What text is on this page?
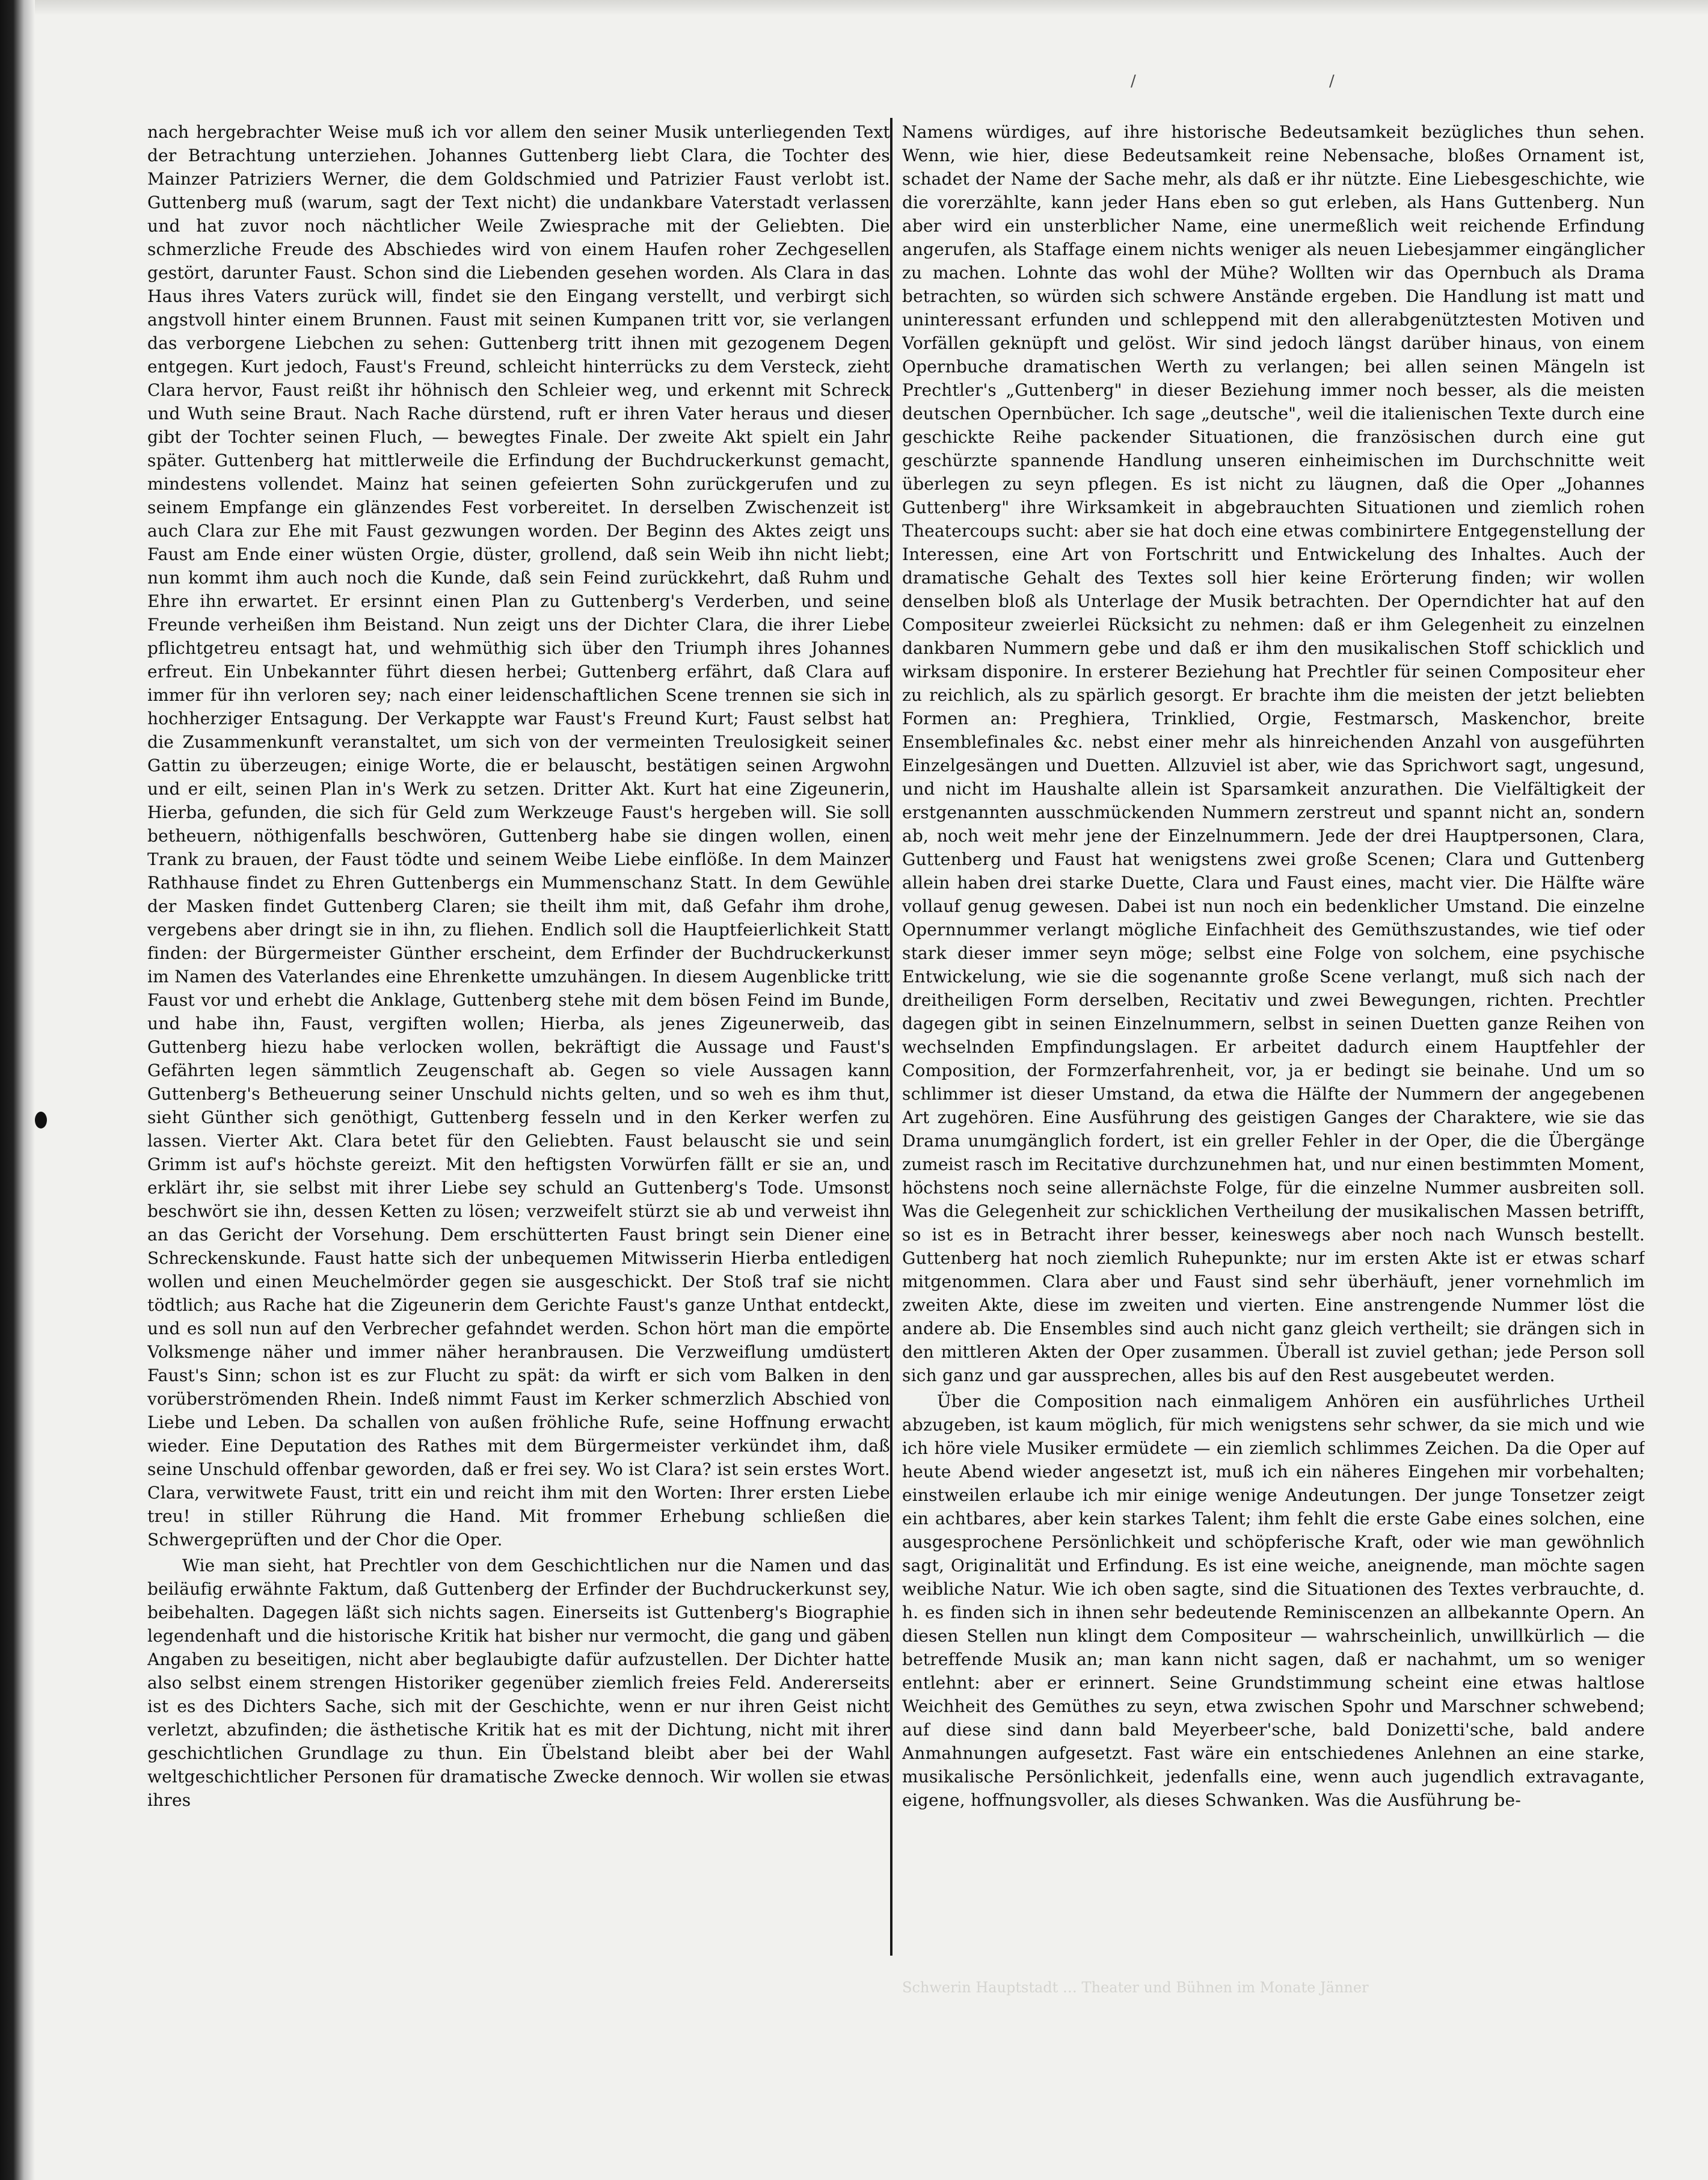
/	/

nach hergebrachter Weise muß ich vor allem den seiner Musik unterliegenden Text der Betrachtung unterziehen. Johannes Guttenberg liebt Clara, die Tochter des Mainzer Patriziers Werner, die dem Goldschmied und Patrizier Faust verlobt ist. Guttenberg muß (warum, sagt der Text nicht) die undankbare Vaterstadt verlassen und hat zuvor noch nächtlicher Weile Zwiesprache mit der Geliebten. Die schmerzliche Freude des Abschiedes wird von einem Haufen roher Zechgesellen gestört, darunter Faust. Schon sind die Liebenden gesehen worden. Als Clara in das Haus ihres Vaters zurück will, findet sie den Eingang verstellt, und verbirgt sich angstvoll hinter einem Brunnen. Faust mit seinen Kumpanen tritt vor, sie verlangen das verborgene Liebchen zu sehen: Guttenberg tritt ihnen mit gezogenem Degen entgegen. Kurt jedoch, Faust's Freund, schleicht hinterrücks zu dem Versteck, zieht Clara hervor, Faust reißt ihr höhnisch den Schleier weg, und erkennt mit Schreck und Wuth seine Braut. Nach Rache dürstend, ruft er ihren Vater heraus und dieser gibt der Tochter seinen Fluch, — bewegtes Finale. Der zweite Akt spielt ein Jahr später. Guttenberg hat mittlerweile die Erfindung der Buchdruckerkunst gemacht, mindestens vollendet. Mainz hat seinen gefeierten Sohn zurückgerufen und zu seinem Empfange ein glänzendes Fest vorbereitet. In derselben Zwischenzeit ist auch Clara zur Ehe mit Faust gezwungen worden. Der Beginn des Aktes zeigt uns Faust am Ende einer wüsten Orgie, düster, grollend, daß sein Weib ihn nicht liebt; nun kommt ihm auch noch die Kunde, daß sein Feind zurückkehrt, daß Ruhm und Ehre ihn erwartet. Er ersinnt einen Plan zu Guttenberg's Verderben, und seine Freunde verheißen ihm Beistand. Nun zeigt uns der Dichter Clara, die ihrer Liebe pflichtgetreu entsagt hat, und wehmüthig sich über den Triumph ihres Johannes erfreut. Ein Unbekannter führt diesen herbei; Guttenberg erfährt, daß Clara auf immer für ihn verloren sey; nach einer leidenschaftlichen Scene trennen sie sich in hochherziger Entsagung. Der Verkappte war Faust's Freund Kurt; Faust selbst hat die Zusammenkunft veranstaltet, um sich von der vermeinten Treulosigkeit seiner Gattin zu überzeugen; einige Worte, die er belauscht, bestätigen seinen Argwohn und er eilt, seinen Plan in's Werk zu setzen. Dritter Akt. Kurt hat eine Zigeunerin, Hierba, gefunden, die sich für Geld zum Werkzeuge Faust's hergeben will. Sie soll betheuern, nöthigenfalls beschwören, Guttenberg habe sie dingen wollen, einen Trank zu brauen, der Faust tödte und seinem Weibe Liebe einflöße. In dem Mainzer Rathhause findet zu Ehren Guttenbergs ein Mummenschanz Statt. In dem Gewühle der Masken findet Guttenberg Claren; sie theilt ihm mit, daß Gefahr ihm drohe, vergebens aber dringt sie in ihn, zu fliehen. Endlich soll die Hauptfeierlichkeit Statt finden: der Bürgermeister Günther erscheint, dem Erfinder der Buchdruckerkunst im Namen des Vaterlandes eine Ehrenkette umzuhängen. In diesem Augenblicke tritt Faust vor und erhebt die Anklage, Guttenberg stehe mit dem bösen Feind im Bunde, und habe ihn, Faust, vergiften wollen; Hierba, als jenes Zigeunerweib, das Guttenberg hiezu habe verlocken wollen, bekräftigt die Aussage und Faust's Gefährten legen sämmtlich Zeugenschaft ab. Gegen so viele Aussagen kann Guttenberg's Betheuerung seiner Unschuld nichts gelten, und so weh es ihm thut, sieht Günther sich genöthigt, Guttenberg fesseln und in den Kerker werfen zu lassen. Vierter Akt. Clara betet für den Geliebten. Faust belauscht sie und sein Grimm ist auf's höchste gereizt. Mit den heftigsten Vorwürfen fällt er sie an, und erklärt ihr, sie selbst mit ihrer Liebe sey schuld an Guttenberg's Tode. Umsonst beschwört sie ihn, dessen Ketten zu lösen; verzweifelt stürzt sie ab und verweist ihn an das Gericht der Vorsehung. Dem erschütterten Faust bringt sein Diener eine Schreckenskunde. Faust hatte sich der unbequemen Mitwisserin Hierba entledigen wollen und einen Meuchelmörder gegen sie ausgeschickt. Der Stoß traf sie nicht tödtlich; aus Rache hat die Zigeunerin dem Gerichte Faust's ganze Unthat entdeckt, und es soll nun auf den Verbrecher gefahndet werden. Schon hört man die empörte Volksmenge näher und immer näher heranbrausen. Die Verzweiflung umdüstert Faust's Sinn; schon ist es zur Flucht zu spät: da wirft er sich vom Balken in den vorüberströmenden Rhein. Indeß nimmt Faust im Kerker schmerzlich Abschied von Liebe und Leben. Da schallen von außen fröhliche Rufe, seine Hoffnung erwacht wieder. Eine Deputation des Rathes mit dem Bürgermeister verkündet ihm, daß seine Unschuld offenbar geworden, daß er frei sey. Wo ist Clara? ist sein erstes Wort. Clara, verwitwete Faust, tritt ein und reicht ihm mit den Worten: Ihrer ersten Liebe treu! in stiller Rührung die Hand. Mit frommer Erhebung schließen die Schwergeprüften und der Chor die Oper.

Wie man sieht, hat Prechtler von dem Geschichtlichen nur die Namen und das beiläufig erwähnte Faktum, daß Guttenberg der Erfinder der Buchdruckerkunst sey, beibehalten. Dagegen läßt sich nichts sagen. Einerseits ist Guttenberg's Biographie legendenhaft und die historische Kritik hat bisher nur vermocht, die gang und gäben Angaben zu beseitigen, nicht aber beglaubigte dafür aufzustellen. Der Dichter hatte also selbst einem strengen Historiker gegenüber ziemlich freies Feld. Andererseits ist es des Dichters Sache, sich mit der Geschichte, wenn er nur ihren Geist nicht verletzt, abzufinden; die ästhetische Kritik hat es mit der Dichtung, nicht mit ihrer geschichtlichen Grundlage zu thun. Ein Übelstand bleibt aber bei der Wahl weltgeschichtlicher Personen für dramatische Zwecke dennoch. Wir wollen sie etwas ihres

Namens würdiges, auf ihre historische Bedeutsamkeit bezügliches thun sehen. Wenn, wie hier, diese Bedeutsamkeit reine Nebensache, bloßes Ornament ist, schadet der Name der Sache mehr, als daß er ihr nützte. Eine Liebesgeschichte, wie die vorerzählte, kann jeder Hans eben so gut erleben, als Hans Guttenberg. Nun aber wird ein unsterblicher Name, eine unermeßlich weit reichende Erfindung angerufen, als Staffage einem nichts weniger als neuen Liebesjammer eingänglicher zu machen. Lohnte das wohl der Mühe? Wollten wir das Opernbuch als Drama betrachten, so würden sich schwere Anstände ergeben. Die Handlung ist matt und uninteressant erfunden und schleppend mit den allerabgenütztesten Motiven und Vorfällen geknüpft und gelöst. Wir sind jedoch längst darüber hinaus, von einem Opernbuche dramatischen Werth zu verlangen; bei allen seinen Mängeln ist Prechtler's „Guttenberg" in dieser Beziehung immer noch besser, als die meisten deutschen Opernbücher. Ich sage „deutsche", weil die italienischen Texte durch eine geschickte Reihe packender Situationen, die französischen durch eine gut geschürzte spannende Handlung unseren einheimischen im Durchschnitte weit überlegen zu seyn pflegen. Es ist nicht zu läugnen, daß die Oper „Johannes Guttenberg" ihre Wirksamkeit in abgebrauchten Situationen und ziemlich rohen Theatercoups sucht: aber sie hat doch eine etwas combinirtere Entgegenstellung der Interessen, eine Art von Fortschritt und Entwickelung des Inhaltes. Auch der dramatische Gehalt des Textes soll hier keine Erörterung finden; wir wollen denselben bloß als Unterlage der Musik betrachten. Der Operndichter hat auf den Compositeur zweierlei Rücksicht zu nehmen: daß er ihm Gelegenheit zu einzelnen dankbaren Nummern gebe und daß er ihm den musikalischen Stoff schicklich und wirksam disponire. In ersterer Beziehung hat Prechtler für seinen Compositeur eher zu reichlich, als zu spärlich gesorgt. Er brachte ihm die meisten der jetzt beliebten Formen an: Preghiera, Trinklied, Orgie, Festmarsch, Maskenchor, breite Ensemblefinales &c. nebst einer mehr als hinreichenden Anzahl von ausgeführten Einzelgesängen und Duetten. Allzuviel ist aber, wie das Sprichwort sagt, ungesund, und nicht im Haushalte allein ist Sparsamkeit anzurathen. Die Vielfältigkeit der erstgenannten ausschmückenden Nummern zerstreut und spannt nicht an, sondern ab, noch weit mehr jene der Einzelnummern. Jede der drei Hauptpersonen, Clara, Guttenberg und Faust hat wenigstens zwei große Scenen; Clara und Guttenberg allein haben drei starke Duette, Clara und Faust eines, macht vier. Die Hälfte wäre vollauf genug gewesen. Dabei ist nun noch ein bedenklicher Umstand. Die einzelne Opernnummer verlangt mögliche Einfachheit des Gemüthszustandes, wie tief oder stark dieser immer seyn möge; selbst eine Folge von solchem, eine psychische Entwickelung, wie sie die sogenannte große Scene verlangt, muß sich nach der dreitheiligen Form derselben, Recitativ und zwei Bewegungen, richten. Prechtler dagegen gibt in seinen Einzelnummern, selbst in seinen Duetten ganze Reihen von wechselnden Empfindungslagen. Er arbeitet dadurch einem Hauptfehler der Composition, der Formzerfahrenheit, vor, ja er bedingt sie beinahe. Und um so schlimmer ist dieser Umstand, da etwa die Hälfte der Nummern der angegebenen Art zugehören. Eine Ausführung des geistigen Ganges der Charaktere, wie sie das Drama unumgänglich fordert, ist ein greller Fehler in der Oper, die die Übergänge zumeist rasch im Recitative durchzunehmen hat, und nur einen bestimmten Moment, höchstens noch seine allernächste Folge, für die einzelne Nummer ausbreiten soll. Was die Gelegenheit zur schicklichen Vertheilung der musikalischen Massen betrifft, so ist es in Betracht ihrer besser, keineswegs aber noch nach Wunsch bestellt. Guttenberg hat noch ziemlich Ruhepunkte; nur im ersten Akte ist er etwas scharf mitgenommen. Clara aber und Faust sind sehr überhäuft, jener vornehmlich im zweiten Akte, diese im zweiten und vierten. Eine anstrengende Nummer löst die andere ab. Die Ensembles sind auch nicht ganz gleich vertheilt; sie drängen sich in den mittleren Akten der Oper zusammen. Überall ist zuviel gethan; jede Person soll sich ganz und gar aussprechen, alles bis auf den Rest ausgebeutet werden.

Über die Composition nach einmaligem Anhören ein ausführliches Urtheil abzugeben, ist kaum möglich, für mich wenigstens sehr schwer, da sie mich und wie ich höre viele Musiker ermüdete — ein ziemlich schlimmes Zeichen. Da die Oper auf heute Abend wieder angesetzt ist, muß ich ein näheres Eingehen mir vorbehalten; einstweilen erlaube ich mir einige wenige Andeutungen. Der junge Tonsetzer zeigt ein achtbares, aber kein starkes Talent; ihm fehlt die erste Gabe eines solchen, eine ausgesprochene Persönlichkeit und schöpferische Kraft, oder wie man gewöhnlich sagt, Originalität und Erfindung. Es ist eine weiche, aneignende, man möchte sagen weibliche Natur. Wie ich oben sagte, sind die Situationen des Textes verbrauchte, d. h. es finden sich in ihnen sehr bedeutende Reminiscenzen an allbekannte Opern. An diesen Stellen nun klingt dem Compositeur — wahrscheinlich, unwillkürlich — die betreffende Musik an; man kann nicht sagen, daß er nachahmt, um so weniger entlehnt: aber er erinnert. Seine Grundstimmung scheint eine etwas haltlose Weichheit des Gemüthes zu seyn, etwa zwischen Spohr und Marschner schwebend; auf diese sind dann bald Meyerbeer'sche, bald Donizetti'sche, bald andere Anmahnungen aufgesetzt. Fast wäre ein entschiedenes Anlehnen an eine starke, musikalische Persönlichkeit, jedenfalls eine, wenn auch jugendlich extravagante, eigene, hoffnungsvoller, als dieses Schwanken. Was die Ausführung be-

Schwerin Hauptstadt … Theater und Bühnen im Monate Jänner
